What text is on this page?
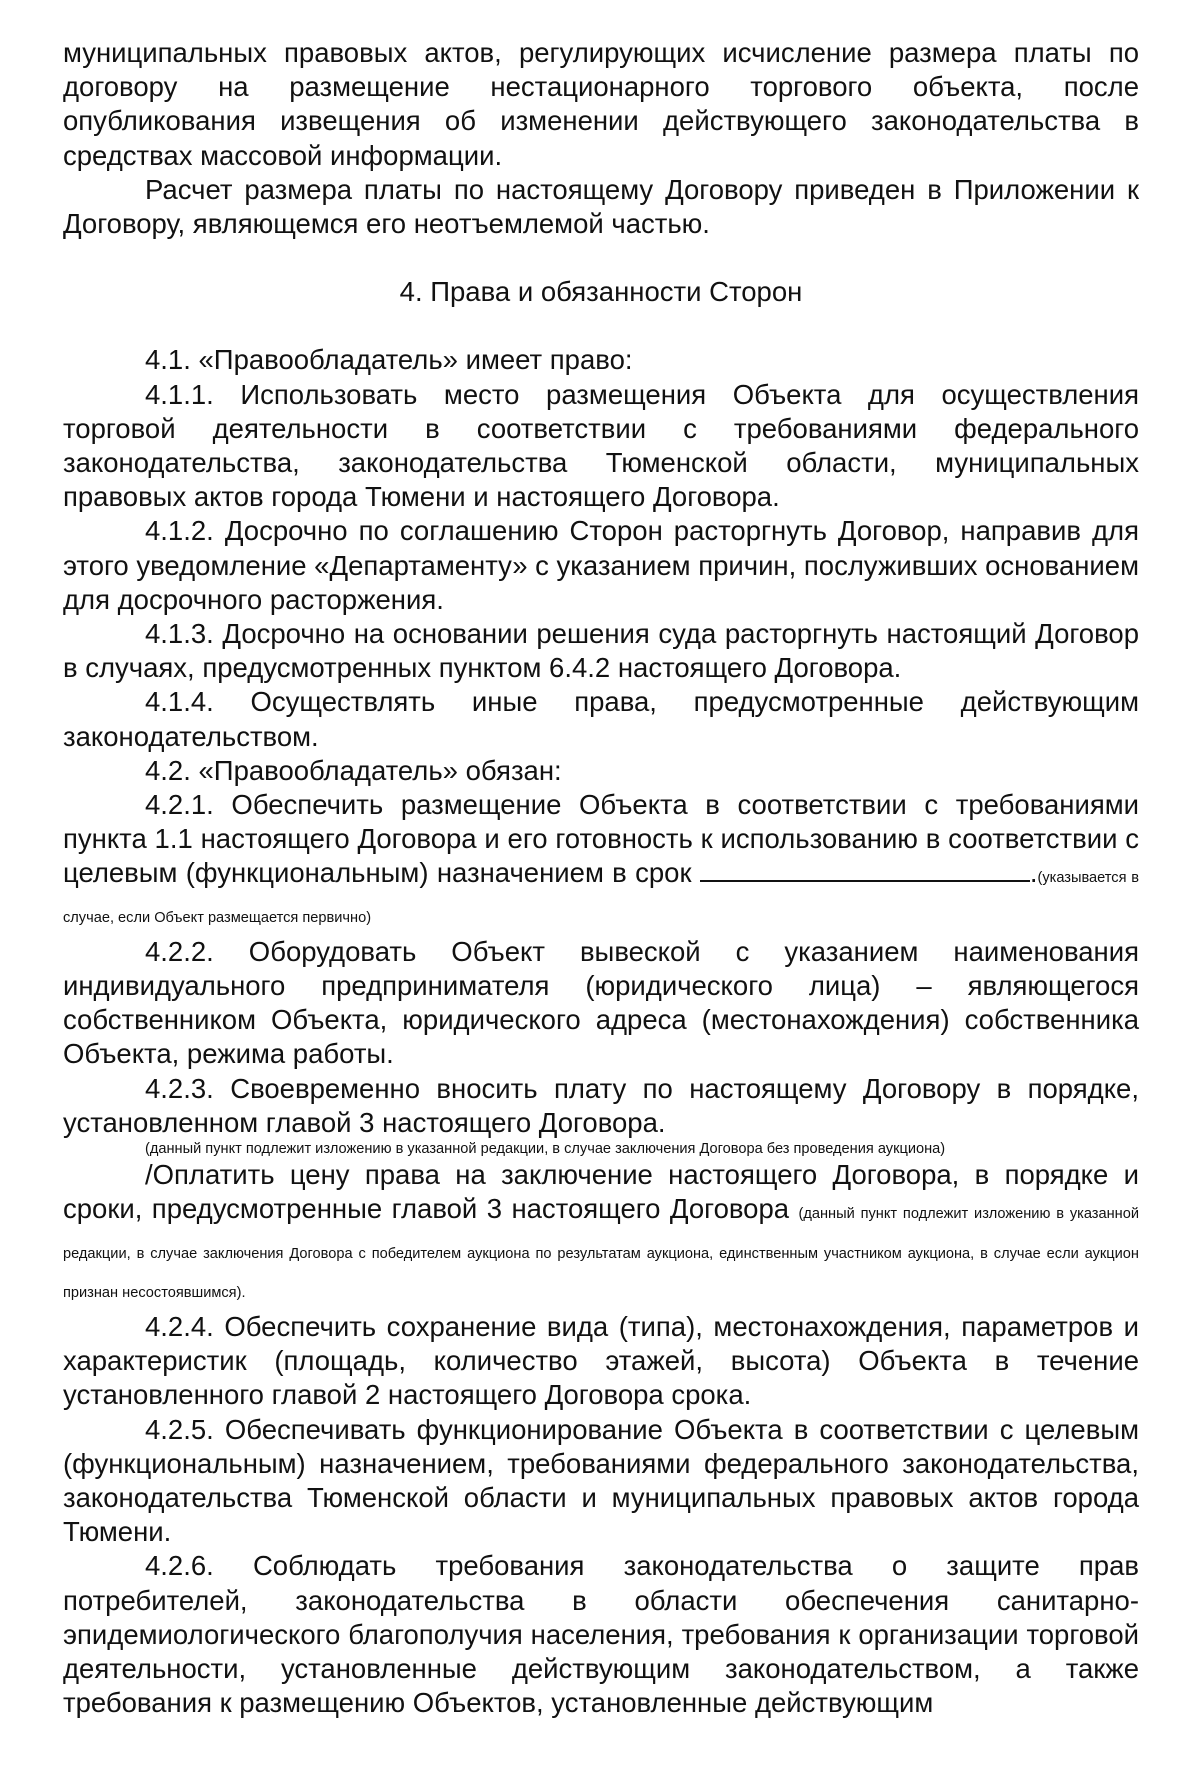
муниципальных правовых актов, регулирующих исчисление размера платы по договору на размещение нестационарного торгового объекта, после опубликования извещения об изменении действующего законодательства в средствах массовой информации.

Расчет размера платы по настоящему Договору приведен в Приложении к Договору, являющемся его неотъемлемой частью.

4. Права и обязанности Сторон

4.1. «Правообладатель» имеет право:

4.1.1. Использовать место размещения Объекта для осуществления торговой деятельности в соответствии с требованиями федерального законодательства, законодательства Тюменской области, муниципальных правовых актов города Тюмени и настоящего Договора.

4.1.2. Досрочно по соглашению Сторон расторгнуть Договор, направив для этого уведомление «Департаменту» с указанием причин, послуживших основанием для досрочного расторжения.

4.1.3. Досрочно на основании решения суда расторгнуть настоящий Договор в случаях, предусмотренных пунктом 6.4.2 настоящего Договора.

4.1.4. Осуществлять иные права, предусмотренные действующим законодательством.

4.2. «Правообладатель» обязан:

4.2.1. Обеспечить размещение Объекта в соответствии с требованиями пункта 1.1 настоящего Договора и его готовность к использованию в соответствии с целевым (функциональным) назначением в срок	.(указывается в случае, если Объект размещается первично)

4.2.2. Оборудовать Объект вывеской с указанием наименования индивидуального предпринимателя (юридического лица) – являющегося собственником Объекта, юридического адреса (местонахождения) собственника Объекта, режима работы.

4.2.3. Своевременно вносить плату по настоящему Договору в порядке, установленном главой 3 настоящего Договора.

(данный пункт подлежит изложению в указанной редакции, в случае заключения Договора без проведения аукциона)

/Оплатить цену права на заключение настоящего Договора, в порядке и сроки, предусмотренные главой 3 настоящего Договора (данный пункт подлежит изложению в указанной редакции, в случае заключения Договора с победителем аукциона по результатам аукциона, единственным участником аукциона, в случае если аукцион признан несостоявшимся).

4.2.4. Обеспечить сохранение вида (типа), местонахождения, параметров и характеристик (площадь, количество этажей, высота) Объекта в течение установленного главой 2 настоящего Договора срока.

4.2.5. Обеспечивать функционирование Объекта в соответствии с целевым (функциональным) назначением, требованиями федерального законодательства, законодательства Тюменской области и муниципальных правовых актов города Тюмени.

4.2.6. Соблюдать требования законодательства о защите прав потребителей, законодательства в области обеспечения санитарно-эпидемиологического благополучия населения, требования к организации торговой деятельности, установленные действующим законодательством, а также требования к размещению Объектов, установленные действующим
